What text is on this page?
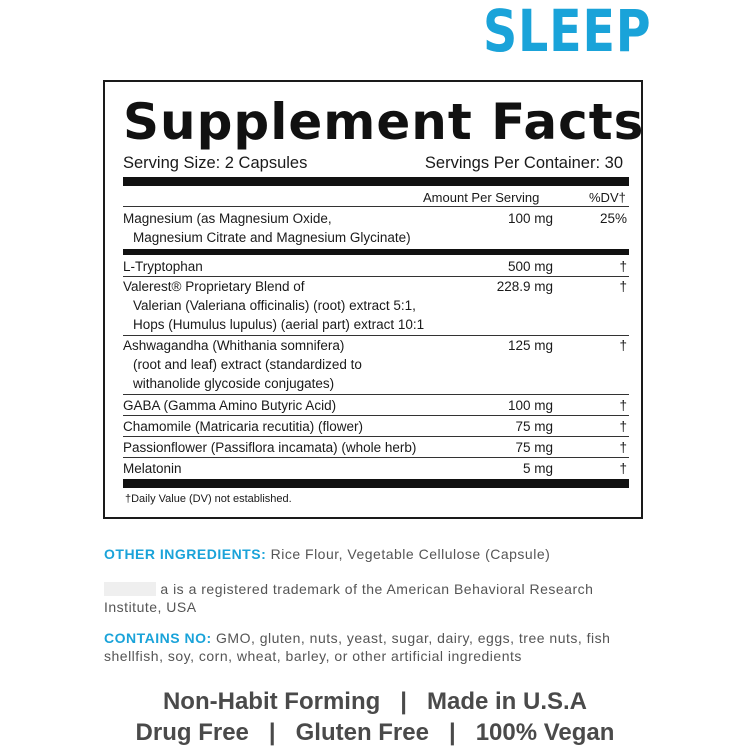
SLEEP
Supplement Facts
Serving Size: 2 Capsules	Servings Per Container: 30
Amount Per Serving	%DV†
Magnesium (as Magnesium Oxide,
Magnesium Citrate and Magnesium Glycinate)
100 mg	25%
L-Tryptophan	500 mg	†
Valerest® Proprietary Blend of
Valerian (Valeriana officinalis) (root) extract 5:1,
Hops (Humulus lupulus) (aerial part) extract 10:1
228.9 mg	†
Ashwagandha (Whithania somnifera)
(root and leaf) extract (standardized to
withanolide glycoside conjugates)
125 mg	†
GABA (Gamma Amino Butyric Acid)	100 mg	†
Chamomile (Matricaria recutitia) (flower)	75 mg	†
Passionflower (Passiflora incamata) (whole herb)	75 mg	†
Melatonin	5 mg	†
†Daily Value (DV) not established.
OTHER INGREDIENTS: Rice Flour, Vegetable Cellulose (Capsule)
a is a registered trademark of the American Behavioral Research
Institute, USA
CONTAINS NO: GMO, gluten, nuts, yeast, sugar, dairy, eggs, tree nuts, fish
shellfish, soy, corn, wheat, barley, or other artificial ingredients
Non-Habit Forming   |   Made in U.S.A
Drug Free   |   Gluten Free   |   100% Vegan
